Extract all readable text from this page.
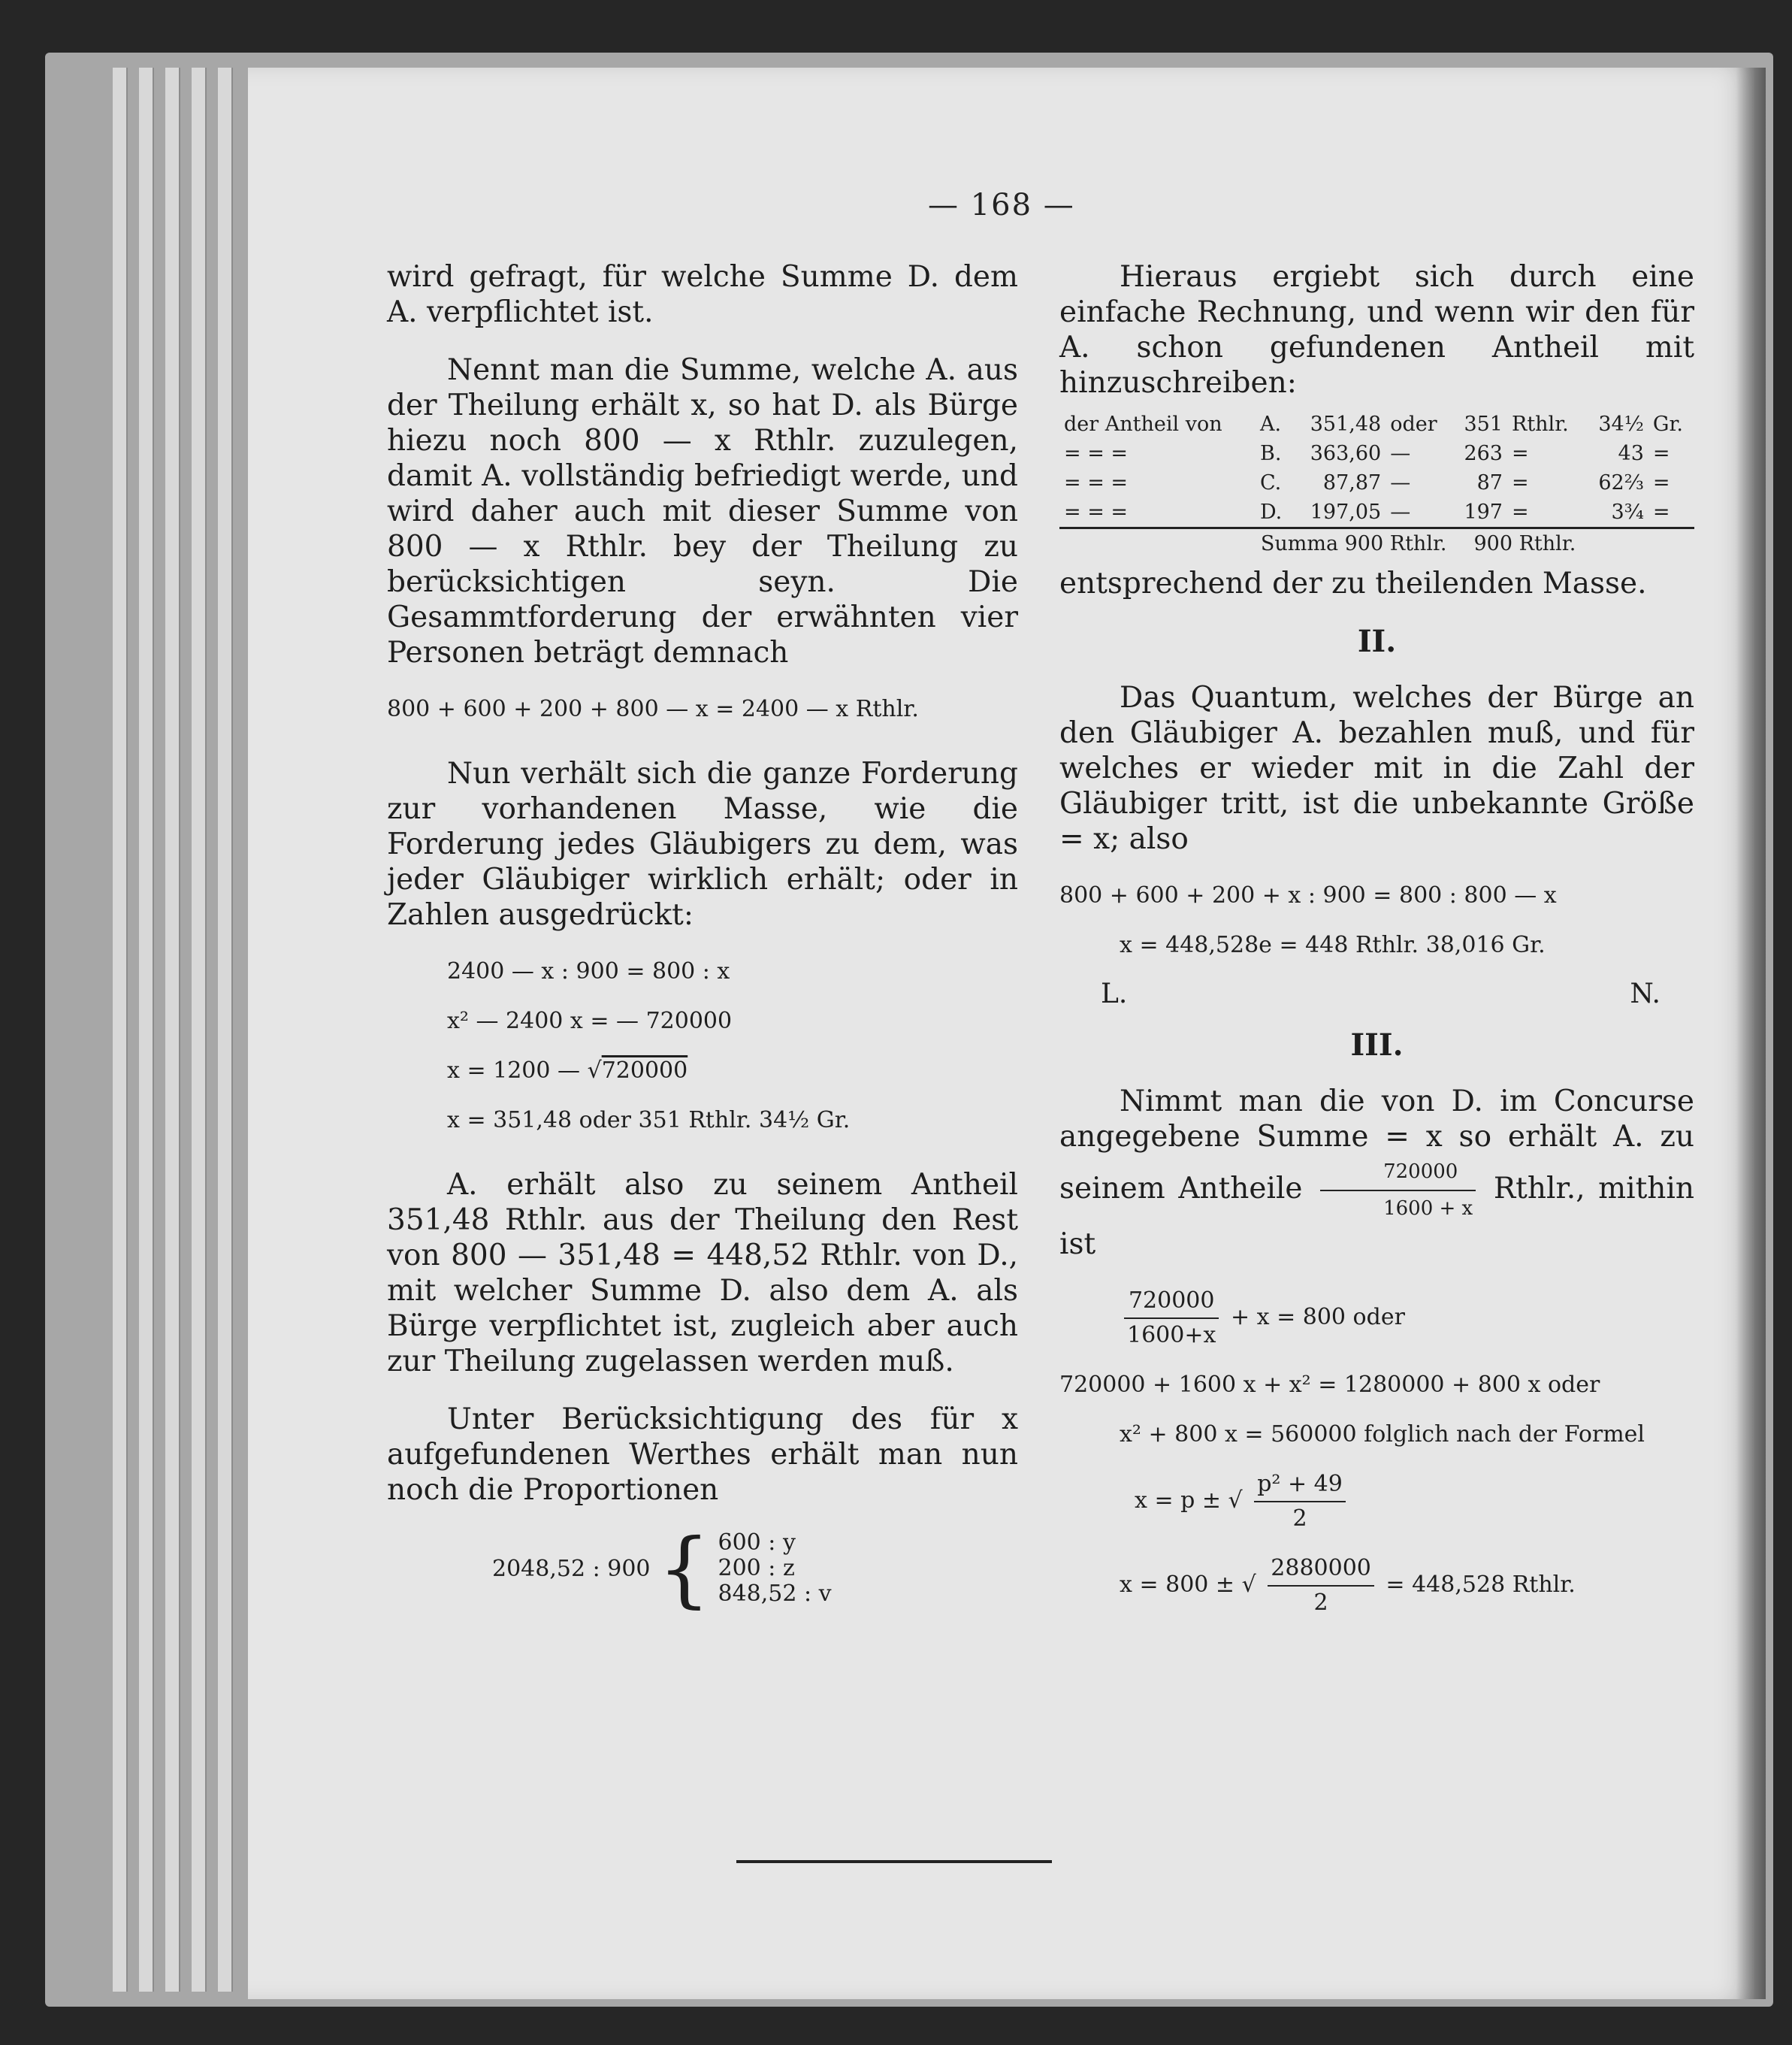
— 168 —

wird gefragt, für welche Summe D. dem A. verpflichtet ist.

Nennt man die Summe, welche A. aus der Theilung erhält x, so hat D. als Bürge hiezu noch 800 — x Rthlr. zuzulegen, damit A. vollständig befriedigt werde, und wird daher auch mit dieser Summe von 800 — x Rthlr. bey der Theilung zu berücksichtigen seyn. Die Gesammtforderung der erwähnten vier Personen beträgt demnach

800 + 600 + 200 + 800 — x = 2400 — x Rthlr.

Nun verhält sich die ganze Forderung zur vorhandenen Masse, wie die Forderung jedes Gläubigers zu dem, was jeder Gläubiger wirklich erhält; oder in Zahlen ausgedrückt:

2400 — x : 900 = 800 : x
x² — 2400 x = — 720000
x = 1200 — √720000
x = 351,48 oder 351 Rthlr. 34½ Gr.

A. erhält also zu seinem Antheil 351,48 Rthlr. aus der Theilung den Rest von 800 — 351,48 = 448,52 Rthlr. von D., mit welcher Summe D. also dem A. als Bürge verpflichtet ist, zugleich aber auch zur Theilung zugelassen werden muß.

Unter Berücksichtigung des für x aufgefundenen Werthes erhält man nun noch die Proportionen

2048,52 : 900 { 600 : y
200 : z
848,52 : v

Hieraus ergiebt sich durch eine einfache Rechnung, und wenn wir den für A. schon gefundenen Antheil mit hinzuschreiben:

der Antheil von	A.	351,48	oder	351	Rthlr.	34½	Gr.
= = =	B.	363,60	—	263	=	43	=
= = =	C.	87,87	—	87	=	62⅔	=
= = =	D.	197,05	—	197	=	3¾	=
Summa 900 Rthlr.				900 Rthlr.			

entsprechend der zu theilenden Masse.

II.

Das Quantum, welches der Bürge an den Gläubiger A. bezahlen muß, und für welches er wieder mit in die Zahl der Gläubiger tritt, ist die unbekannte Größe = x; also

800 + 600 + 200 + x : 900 = 800 : 800 — x
x = 448,528e = 448 Rthlr. 38,016 Gr.
L.	N.
III.

Nimmt man die von D. im Concurse angegebene Summe = x so erhält A. zu seinem Antheile $\frac{720000}{1600 + x}$ Rthlr., mithin ist

$\frac{720000}{1600+x} + x = 800$ oder
720000 + 1600 x + x² = 1280000 + 800 x oder
x² + 800 x = 560000 folglich nach der Formel
x = p ± √ $\frac{\text{p² + 49}}{2}$
x = 800 ± √ $\frac{2880000}{2} = 448,528$ Rthlr.
